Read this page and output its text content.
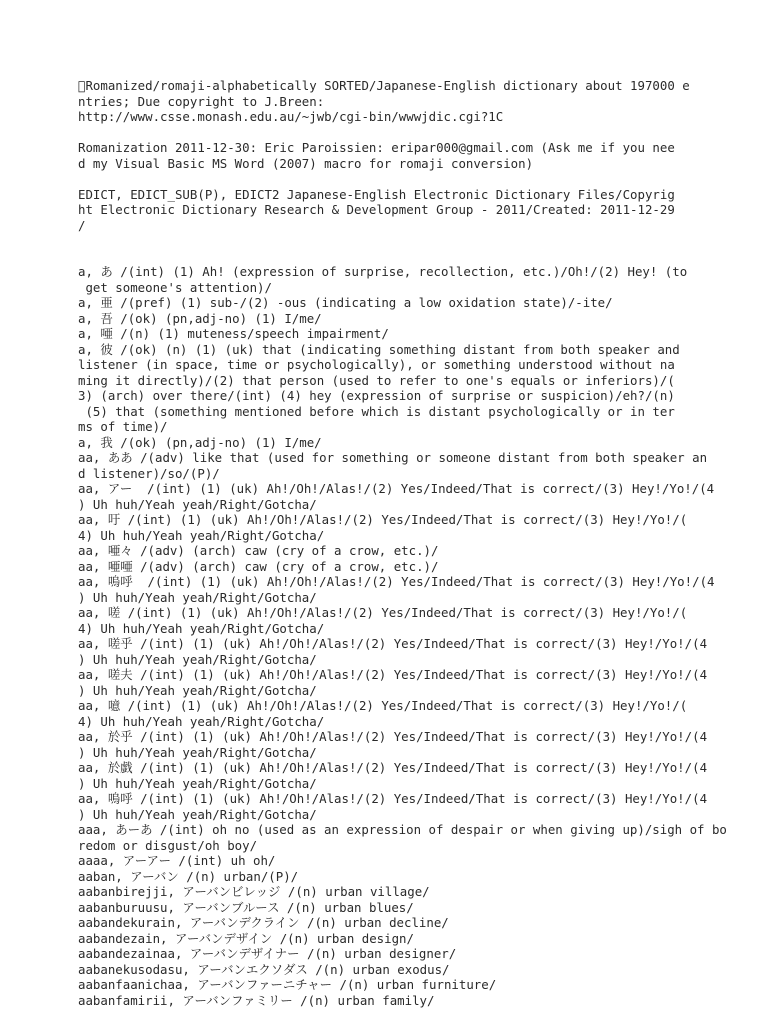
 Romanized/romaji-alphabetically SORTED/Japanese-English dictionary about 197000 e
ntries; Due copyright to J.Breen:
http://www.csse.monash.edu.au/~jwb/cgi-bin/wwwjdic.cgi?1C
Romanization 2011-12-30: Eric Paroissien: eripar000@gmail.com (Ask me if you nee
d my Visual Basic MS Word (2007) macro for romaji conversion)
EDICT, EDICT_SUB(P), EDICT2 Japanese-English Electronic Dictionary Files/Copyrig
ht Electronic Dictionary Research & Development Group - 2011/Created: 2011-12-29
/
a, あ /(int) (1) Ah! (expression of surprise, recollection, etc.)/Oh!/(2) Hey! (to
get someone's attention)/
a, 亜 /(pref) (1) sub-/(2) -ous (indicating a low oxidation state)/-ite/
a, 吾 /(ok) (pn,adj-no) (1) I/me/
a, 唖 /(n) (1) muteness/speech impairment/
a, 彼 /(ok) (n) (1) (uk) that (indicating something distant from both speaker and
listener (in space, time or psychologically), or something understood without na
ming it directly)/(2) that person (used to refer to one's equals or inferiors)/(
3) (arch) over there/(int) (4) hey (expression of surprise or suspicion)/eh?/(n)
(5) that (something mentioned before which is distant psychologically or in ter
ms of time)/
a, 我 /(ok) (pn,adj-no) (1) I/me/
aa, ああ /(adv) like that (used for something or someone distant from both speaker an
d listener)/so/(P)/
aa, アー  /(int) (1) (uk) Ah!/Oh!/Alas!/(2) Yes/Indeed/That is correct/(3) Hey!/Yo!/(4
) Uh huh/Yeah yeah/Right/Gotcha/
aa, 吁 /(int) (1) (uk) Ah!/Oh!/Alas!/(2) Yes/Indeed/That is correct/(3) Hey!/Yo!/(
4) Uh huh/Yeah yeah/Right/Gotcha/
aa, 唖々 /(adv) (arch) caw (cry of a crow, etc.)/
aa, 唖唖 /(adv) (arch) caw (cry of a crow, etc.)/
aa, 嗚呼  /(int) (1) (uk) Ah!/Oh!/Alas!/(2) Yes/Indeed/That is correct/(3) Hey!/Yo!/(4
) Uh huh/Yeah yeah/Right/Gotcha/
aa, 嗟 /(int) (1) (uk) Ah!/Oh!/Alas!/(2) Yes/Indeed/That is correct/(3) Hey!/Yo!/(
4) Uh huh/Yeah yeah/Right/Gotcha/
aa, 嗟乎 /(int) (1) (uk) Ah!/Oh!/Alas!/(2) Yes/Indeed/That is correct/(3) Hey!/Yo!/(4
) Uh huh/Yeah yeah/Right/Gotcha/
aa, 嗟夫 /(int) (1) (uk) Ah!/Oh!/Alas!/(2) Yes/Indeed/That is correct/(3) Hey!/Yo!/(4
) Uh huh/Yeah yeah/Right/Gotcha/
aa, 噫 /(int) (1) (uk) Ah!/Oh!/Alas!/(2) Yes/Indeed/That is correct/(3) Hey!/Yo!/(
4) Uh huh/Yeah yeah/Right/Gotcha/
aa, 於乎 /(int) (1) (uk) Ah!/Oh!/Alas!/(2) Yes/Indeed/That is correct/(3) Hey!/Yo!/(4
) Uh huh/Yeah yeah/Right/Gotcha/
aa, 於戯 /(int) (1) (uk) Ah!/Oh!/Alas!/(2) Yes/Indeed/That is correct/(3) Hey!/Yo!/(4
) Uh huh/Yeah yeah/Right/Gotcha/
aa, 嗚呼 /(int) (1) (uk) Ah!/Oh!/Alas!/(2) Yes/Indeed/That is correct/(3) Hey!/Yo!/(4
) Uh huh/Yeah yeah/Right/Gotcha/
aaa, あーあ /(int) oh no (used as an expression of despair or when giving up)/sigh of bo
redom or disgust/oh boy/
aaaa, アーアー /(int) uh oh/
aaban, アーバン /(n) urban/(P)/
aabanbirejji, アーバンビレッジ /(n) urban village/
aabanburuusu, アーバンブルース /(n) urban blues/
aabandekurain, アーバンデクライン /(n) urban decline/
aabandezain, アーバンデザイン /(n) urban design/
aabandezainaa, アーバンデザイナー /(n) urban designer/
aabanekusodasu, アーバンエクソダス /(n) urban exodus/
aabanfaanichaa, アーバンファーニチャー /(n) urban furniture/
aabanfamirii, アーバンファミリー /(n) urban family/
